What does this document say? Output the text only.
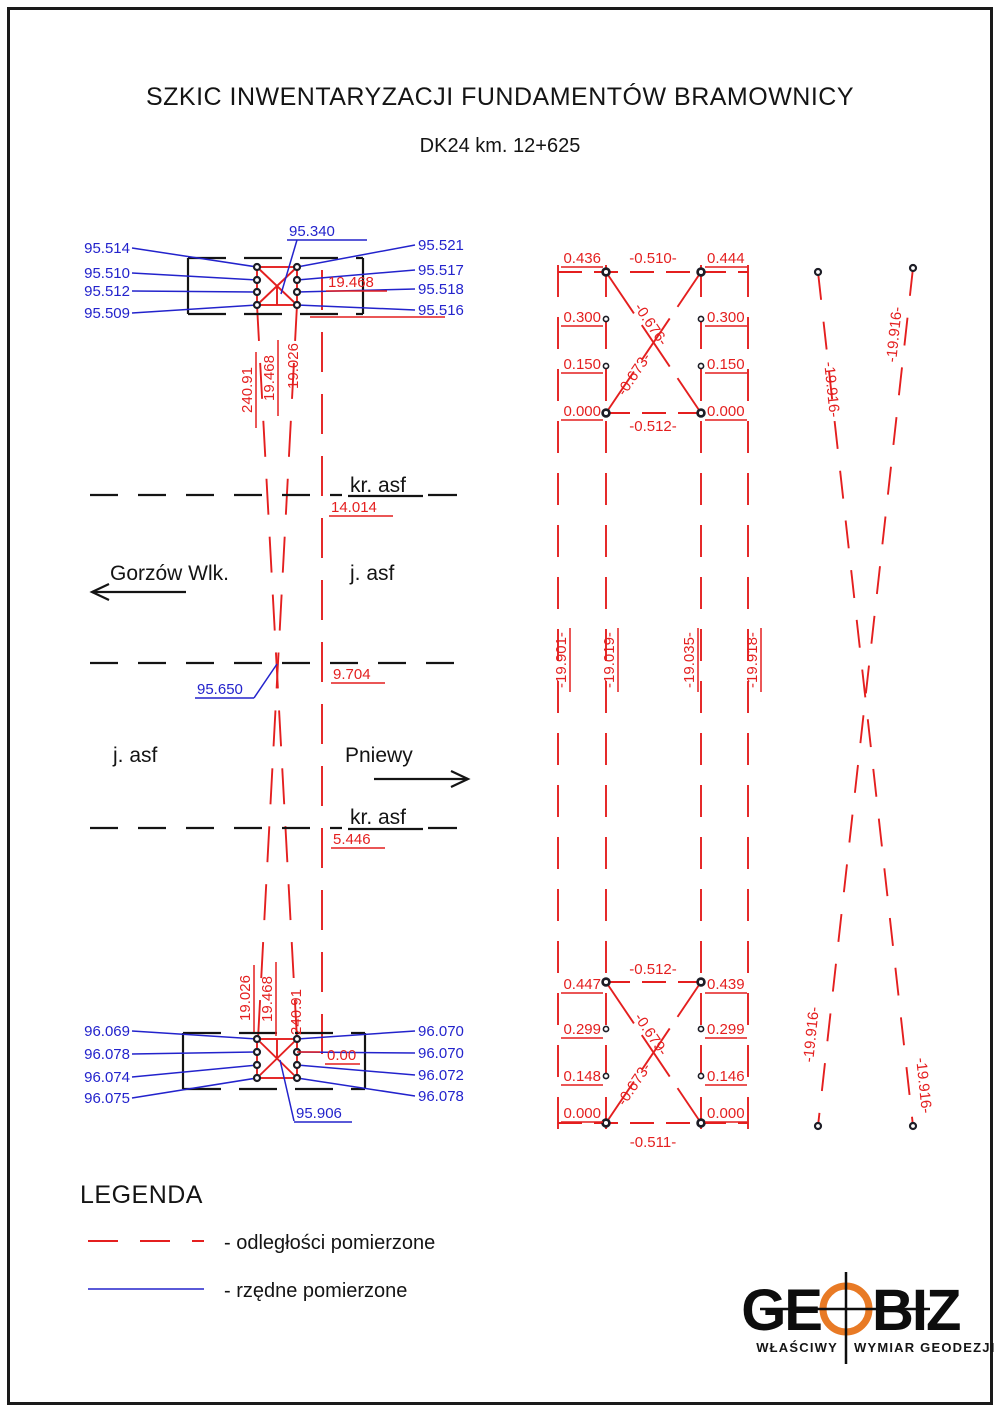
SZKIC INWENTARYZACJI FUNDAMENTÓW BRAMOWNICY
DK24 km. 12+625
95.514
95.510
95.512
95.509
95.521
95.517
95.518
95.516
95.340
19.468
240.91 19.468 19.026
kr. asf
14.014
9.704
95.650
kr. asf
5.446
Gorzów Wlk.	j. asf
j. asf	Pniewy
96.069
96.078
96.074
96.075
96.070
96.070
96.072
96.078
95.906
0.00
19.026 19.468 240.91
0.436
0.300
0.150
0.000
0.444
0.300
0.150
0.000
-0.510-
-0.512-
-0.676-
-0.673-
-19.901- -19.019-	-19.035-	-19.918-
0.447
0.299
0.148
0.000
0.439
0.299
0.146
0.000
-0.512-
-0.511-
-0.679-
-0.673-
-19.916-
-19.916-
-19.916-
-19.916-
LEGENDA
- odległości pomierzone
- rzędne pomierzone	GE BIZ
WŁAŚCIWY WYMIAR GEODEZJI
